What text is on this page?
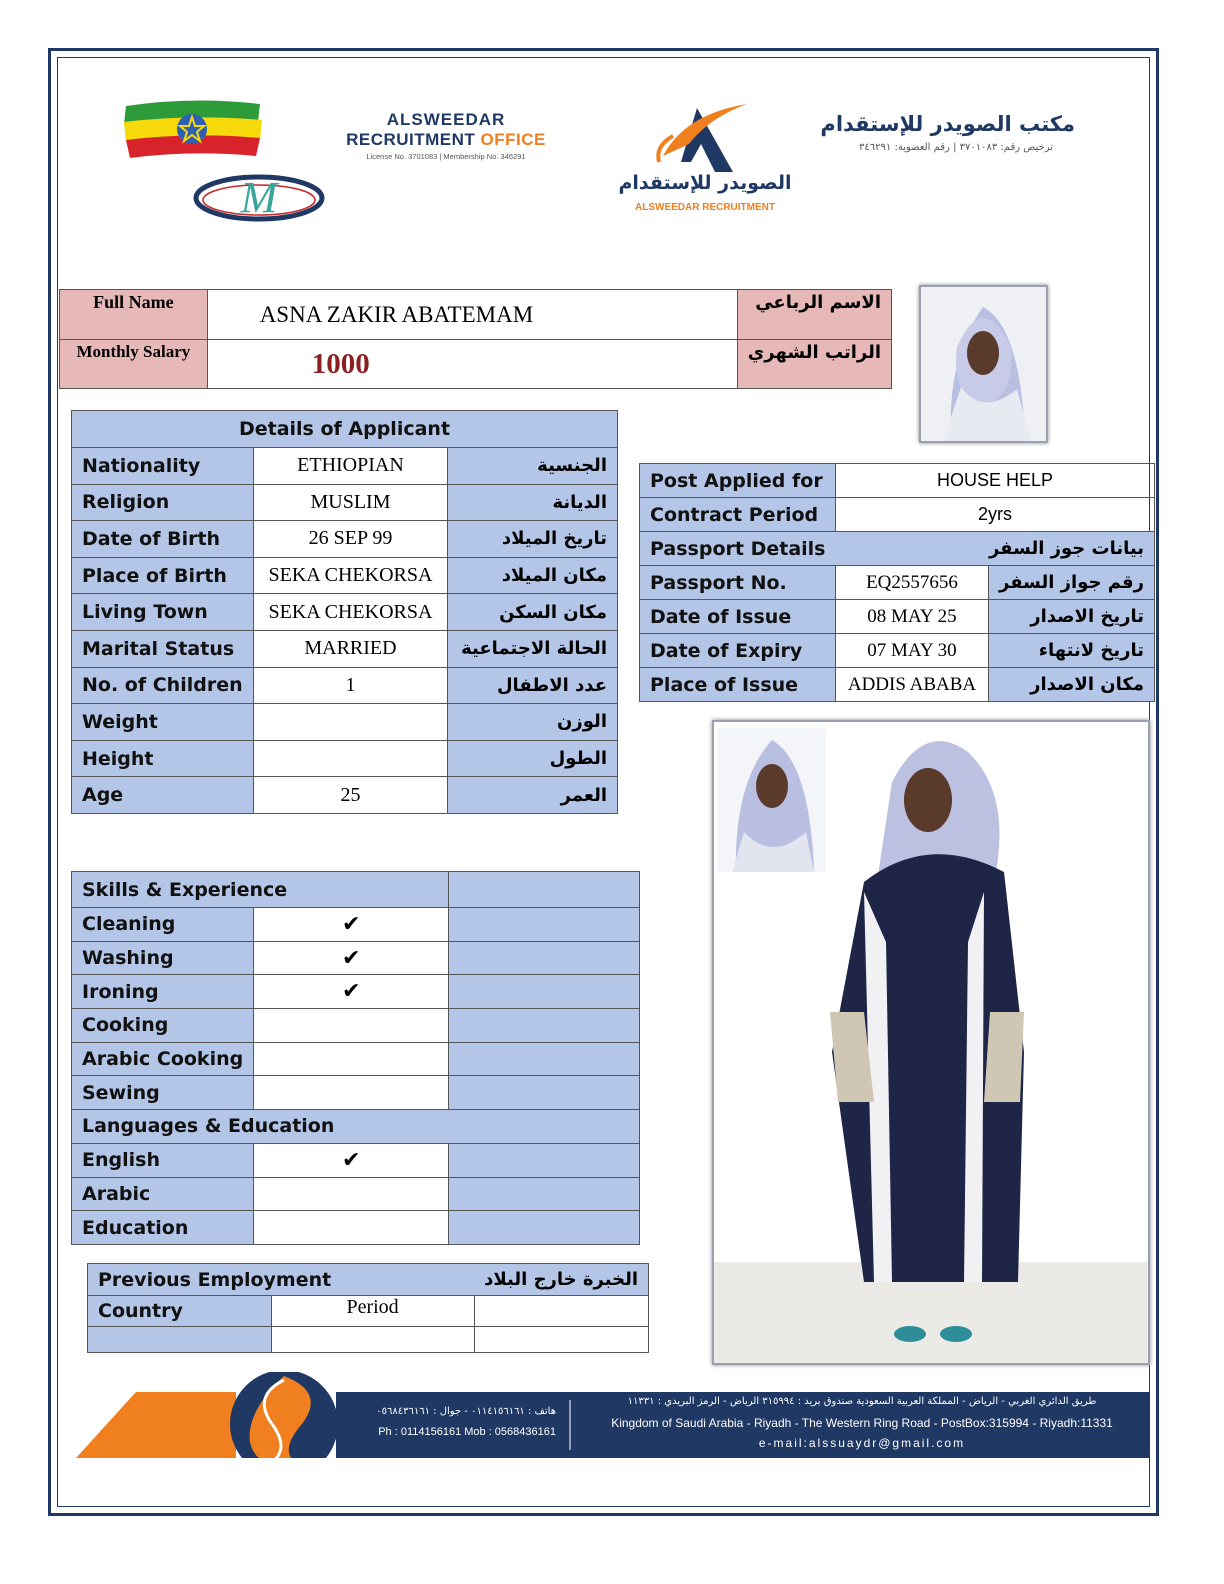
M
ALSWEEDAR
RECRUITMENT OFFICE
License No. 3701083 | Membership No. 346291
الصويدر للإستقدام
ALSWEEDAR RECRUITMENT
مكتب الصويدر للإستقدام
ترخيص رقم: ٣٧٠١٠٨٣ | رقم العضوية: ٣٤٦٢٩١
Full Name	ASNA ZAKIR ABATEMAM	الاسم الرباعي
Monthly Salary	1000	الراتب الشهري
Details of Applicant		
Nationality	ETHIOPIAN	الجنسية
Religion	MUSLIM	الديانة
Date of Birth	26 SEP 99	تاريخ الميلاد
Place of Birth	SEKA CHEKORSA	مكان الميلاد
Living Town	SEKA CHEKORSA	مكان السكن
Marital Status	MARRIED	الحالة الاجتماعية
No. of Children	1	عدد الاطفال
Weight		الوزن
Height		الطول
Age	25	العمر
Post Applied for	HOUSE HELP	
Contract Period	2yrs	
Passport Details	بيانات جوز السفر	
Passport No.	EQ2557656	رقم جواز السفر
Date of Issue	08 MAY 25	تاريخ الاصدار
Date of Expiry	07 MAY 30	تاريخ لانتهاء
Place of Issue	ADDIS ABABA	مكان الاصدار
Skills & Experience		
Cleaning	✔	
Washing	✔	
Ironing	✔	
Cooking		
Arabic Cooking		
Sewing		
Languages & Education		
English	✔	
Arabic		
Education		
Previous Employment		الخبرة خارج البلاد
Country	Period	

هاتف : ٠١١٤١٥٦١٦١ - جوال : ٠٥٦٨٤٣٦١٦١
Ph : 0114156161 Mob : 0568436161
طريق الدائري الغربي - الرياض - المملكة العربية السعودية صندوق بريد : ٣١٥٩٩٤ الرياض - الرمز البريدي : ١١٣٣١
Kingdom of Saudi Arabia - Riyadh - The Western Ring Road - PostBox:315994 - Riyadh:11331
e-mail:alssuaydr@gmail.com
